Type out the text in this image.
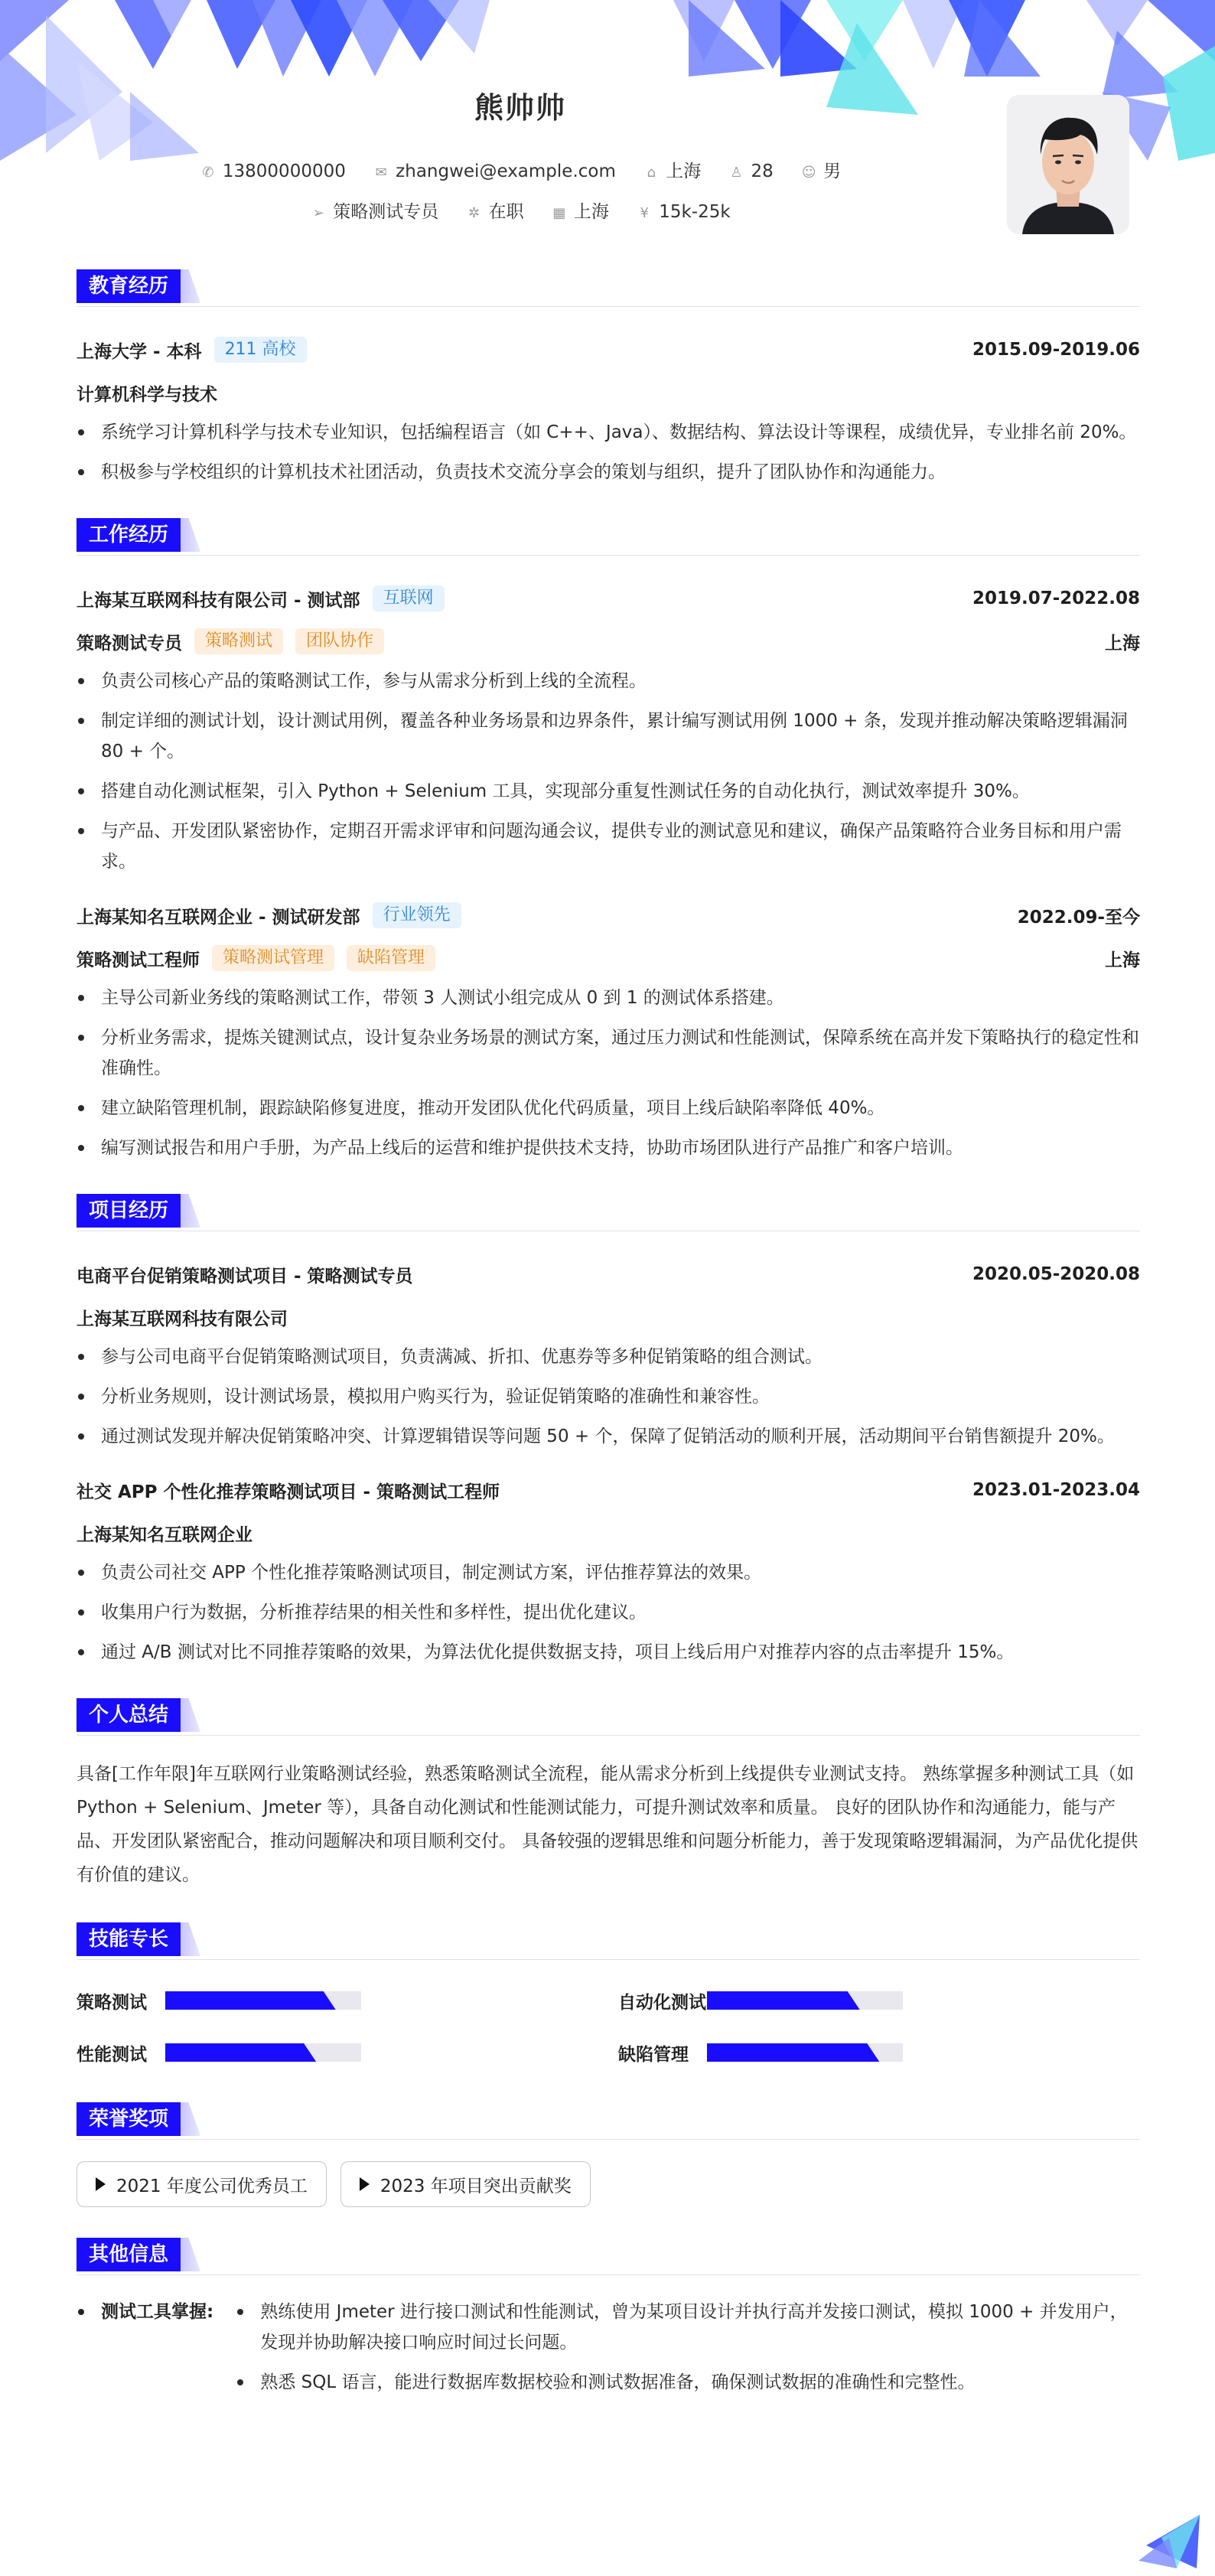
熊帅帅
✆ 13800000000 ✉ zhangwei@example.com ⌂ 上海 ♙ 28 ☺ 男
➢ 策略测试专员 ✲ 在职 ▦ 上海 ¥ 15k-25k
教育经历
上海大学 - 本科	211 高校	2015.09-2019.06
计算机科学与技术
系统学习计算机科学与技术专业知识，包括编程语言（如 C++、Java）、数据结构、算法设计等课程，成绩优异，专业排名前 20%。
积极参与学校组织的计算机技术社团活动，负责技术交流分享会的策划与组织，提升了团队协作和沟通能力。
工作经历
上海某互联网科技有限公司 - 测试部	互联网	2019.07-2022.08
策略测试专员	策略测试	团队协作	上海
负责公司核心产品的策略测试工作，参与从需求分析到上线的全流程。
制定详细的测试计划，设计测试用例，覆盖各种业务场景和边界条件，累计编写测试用例 1000 + 条，发现并推动解决策略逻辑漏洞 80 + 个。
搭建自动化测试框架，引入 Python + Selenium 工具，实现部分重复性测试任务的自动化执行，测试效率提升 30%。
与产品、开发团队紧密协作，定期召开需求评审和问题沟通会议，提供专业的测试意见和建议，确保产品策略符合业务目标和用户需求。
上海某知名互联网企业 - 测试研发部	行业领先	2022.09-至今
策略测试工程师	策略测试管理	缺陷管理	上海
主导公司新业务线的策略测试工作，带领 3 人测试小组完成从 0 到 1 的测试体系搭建。
分析业务需求，提炼关键测试点，设计复杂业务场景的测试方案，通过压力测试和性能测试，保障系统在高并发下策略执行的稳定性和准确性。
建立缺陷管理机制，跟踪缺陷修复进度，推动开发团队优化代码质量，项目上线后缺陷率降低 40%。
编写测试报告和用户手册，为产品上线后的运营和维护提供技术支持，协助市场团队进行产品推广和客户培训。
项目经历
电商平台促销策略测试项目 - 策略测试专员	2020.05-2020.08
上海某互联网科技有限公司
参与公司电商平台促销策略测试项目，负责满减、折扣、优惠券等多种促销策略的组合测试。
分析业务规则，设计测试场景，模拟用户购买行为，验证促销策略的准确性和兼容性。
通过测试发现并解决促销策略冲突、计算逻辑错误等问题 50 + 个，保障了促销活动的顺利开展，活动期间平台销售额提升 20%。
社交 APP 个性化推荐策略测试项目 - 策略测试工程师	2023.01-2023.04
上海某知名互联网企业
负责公司社交 APP 个性化推荐策略测试项目，制定测试方案，评估推荐算法的效果。
收集用户行为数据，分析推荐结果的相关性和多样性，提出优化建议。
通过 A/B 测试对比不同推荐策略的效果，为算法优化提供数据支持，项目上线后用户对推荐内容的点击率提升 15%。
个人总结
具备[工作年限]年互联网行业策略测试经验，熟悉策略测试全流程，能从需求分析到上线提供专业测试支持。 熟练掌握多种测试工具（如 Python + Selenium、Jmeter 等），具备自动化测试和性能测试能力，可提升测试效率和质量。 良好的团队协作和沟通能力，能与产品、开发团队紧密配合，推动问题解决和项目顺利交付。 具备较强的逻辑思维和问题分析能力，善于发现策略逻辑漏洞，为产品优化提供有价值的建议。
技能专长
策略测试	自动化测试
性能测试	缺陷管理
荣誉奖项
2021 年度公司优秀员工	2023 年项目突出贡献奖
其他信息
测试工具掌握:	熟练使用 Jmeter 进行接口测试和性能测试，曾为某项目设计并执行高并发接口测试，模拟 1000 + 并发用户，发现并协助解决接口响应时间过长问题。
熟悉 SQL 语言，能进行数据库数据校验和测试数据准备，确保测试数据的准确性和完整性。
